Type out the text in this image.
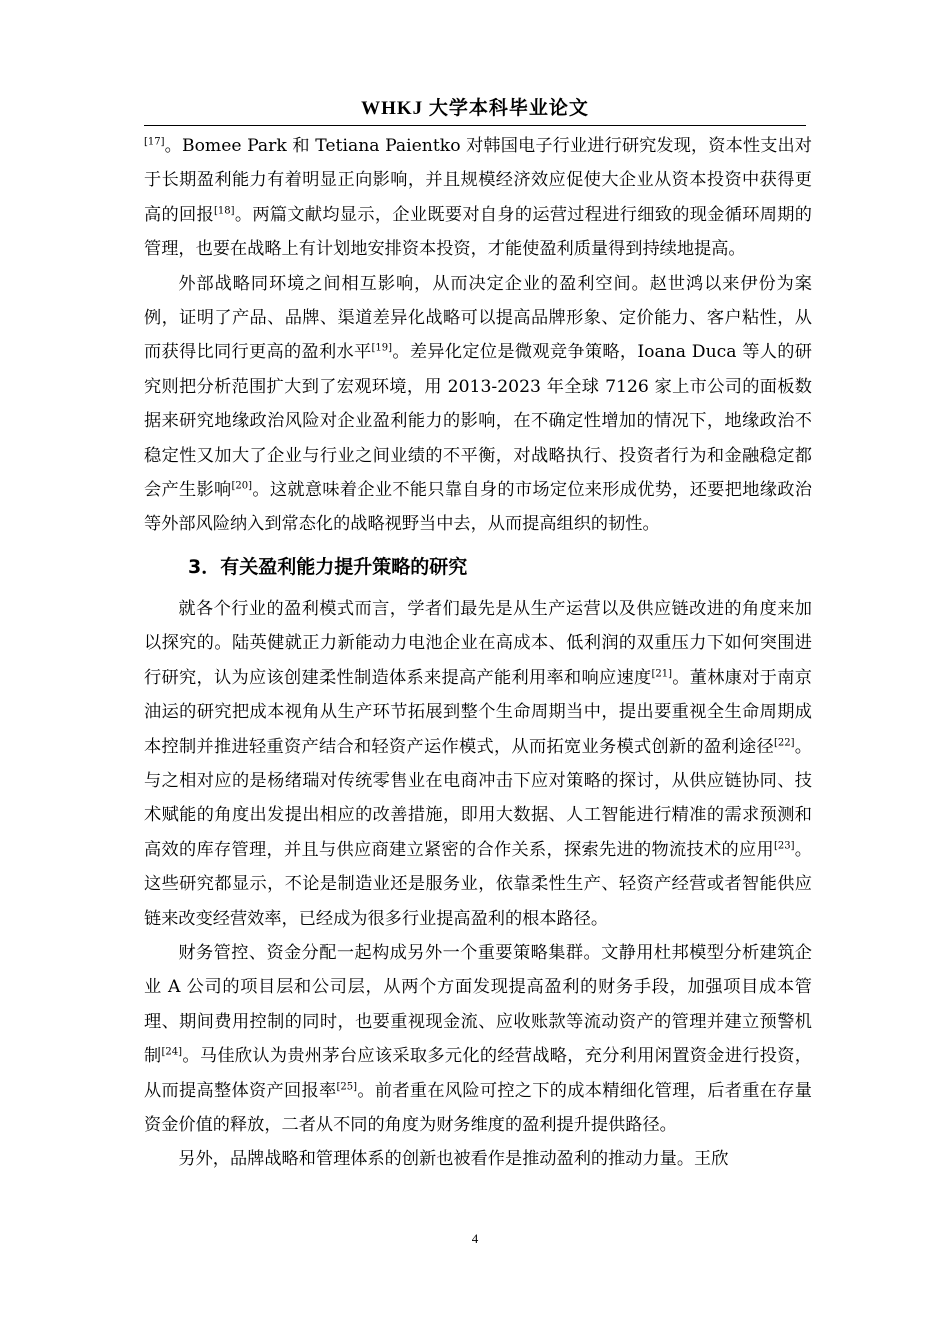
WHKJ 大学本科毕业论文

[17]。Bomee Park 和 Tetiana Paientko 对韩国电子行业进行研究发现，资本性支出对于长期盈利能力有着明显正向影响，并且规模经济效应促使大企业从资本投资中获得更高的回报[18]。两篇文献均显示，企业既要对自身的运营过程进行细致的现金循环周期的管理，也要在战略上有计划地安排资本投资，才能使盈利质量得到持续地提高。

外部战略同环境之间相互影响，从而决定企业的盈利空间。赵世鸿以来伊份为案例，证明了产品、品牌、渠道差异化战略可以提高品牌形象、定价能力、客户粘性，从而获得比同行更高的盈利水平[19]。差异化定位是微观竞争策略，Ioana Duca 等人的研究则把分析范围扩大到了宏观环境，用 2013-2023 年全球 7126 家上市公司的面板数据来研究地缘政治风险对企业盈利能力的影响，在不确定性增加的情况下，地缘政治不稳定性又加大了企业与行业之间业绩的不平衡，对战略执行、投资者行为和金融稳定都会产生影响[20]。这就意味着企业不能只靠自身的市场定位来形成优势，还要把地缘政治等外部风险纳入到常态化的战略视野当中去，从而提高组织的韧性。

3．有关盈利能力提升策略的研究

就各个行业的盈利模式而言，学者们最先是从生产运营以及供应链改进的角度来加以探究的。陆英健就正力新能动力电池企业在高成本、低利润的双重压力下如何突围进行研究，认为应该创建柔性制造体系来提高产能利用率和响应速度[21]。董林康对于南京油运的研究把成本视角从生产环节拓展到整个生命周期当中，提出要重视全生命周期成本控制并推进轻重资产结合和轻资产运作模式，从而拓宽业务模式创新的盈利途径[22]。与之相对应的是杨绪瑞对传统零售业在电商冲击下应对策略的探讨，从供应链协同、技术赋能的角度出发提出相应的改善措施，即用大数据、人工智能进行精准的需求预测和高效的库存管理，并且与供应商建立紧密的合作关系，探索先进的物流技术的应用[23]。这些研究都显示，不论是制造业还是服务业，依靠柔性生产、轻资产经营或者智能供应链来改变经营效率，已经成为很多行业提高盈利的根本路径。

财务管控、资金分配一起构成另外一个重要策略集群。文静用杜邦模型分析建筑企业 A 公司的项目层和公司层，从两个方面发现提高盈利的财务手段，加强项目成本管理、期间费用控制的同时，也要重视现金流、应收账款等流动资产的管理并建立预警机制[24]。马佳欣认为贵州茅台应该采取多元化的经营战略，充分利用闲置资金进行投资，从而提高整体资产回报率[25]。前者重在风险可控之下的成本精细化管理，后者重在存量资金价值的释放，二者从不同的角度为财务维度的盈利提升提供路径。

另外，品牌战略和管理体系的创新也被看作是推动盈利的推动力量。王欣

4
